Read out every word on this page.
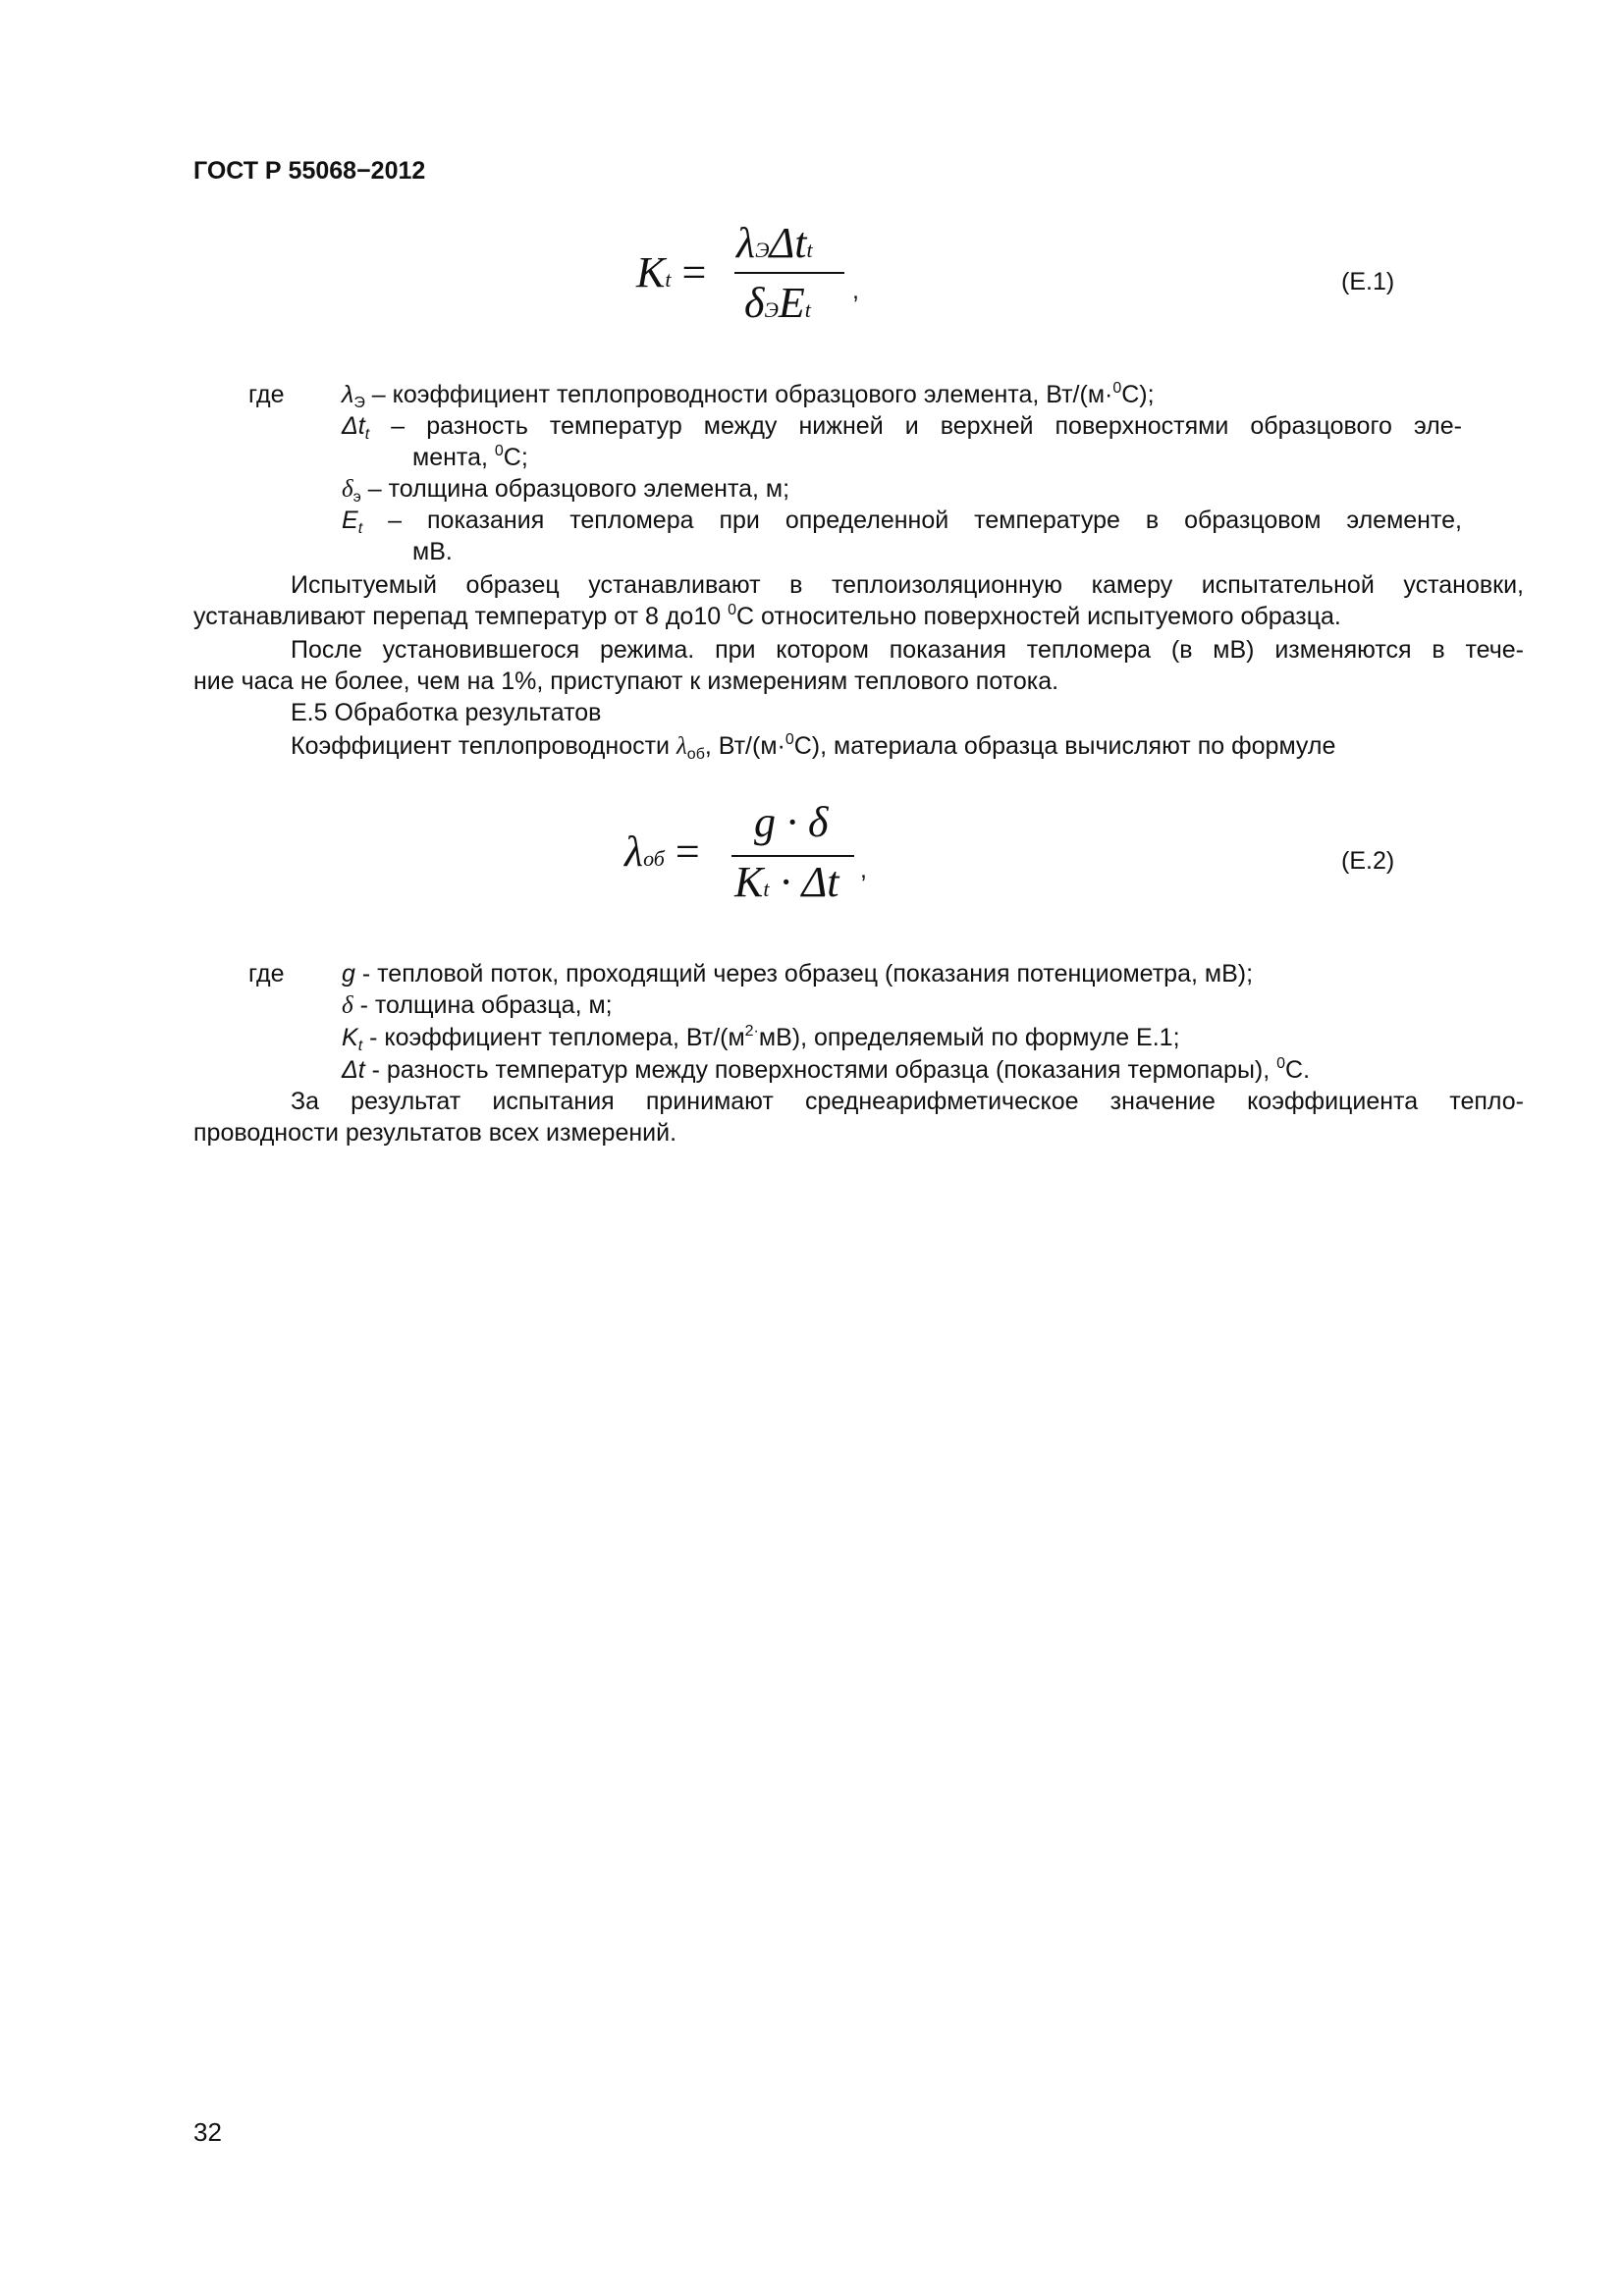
ГОСТ Р 55068−2012
Kt =
λЭΔtt
δЭEt
,	(Е.1)
где $\lambda_Э$ – коэффициент теплопроводности образцового элемента, Вт/(м·$^0$С);
$\Delta t_t$ – разность температур между нижней и верхней поверхностями образцового эле-
мента, $^0$С;
$\delta_э$ – толщина образцового элемента, м;
$E_t$ – показания тепломера при определенной температуре в образцовом элементе,
мВ.
Испытуемый образец устанавливают в теплоизоляционную камеру испытательной установки,
устанавливают перепад температур от 8 до10 $^0$С относительно поверхностей испытуемого образца.
После установившегося режима. при котором показания тепломера (в мВ) изменяются в тече-
ние часа не более, чем на 1%, приступают к измерениям теплового потока.
Е.5 Обработка результатов
Коэффициент теплопроводности $\lambda_{об}$, Вт/(м·$^0$С), материала образца вычисляют по формуле
λоб =
g · δ
Kt · Δt ,	(Е.2)
где g - тепловой поток, проходящий через образец (показания потенциометра, мВ);
δ - толщина образца, м;
$K_t$ - коэффициент тепломера, $Вт/(м^{2\cdot}мВ)$, определяемый по формуле Е.1;
Δt - разность температур между поверхностями образца (показания термопары), $^0$С.
За результат испытания принимают среднеарифметическое значение коэффициента тепло-
проводности результатов всех измерений.
32
